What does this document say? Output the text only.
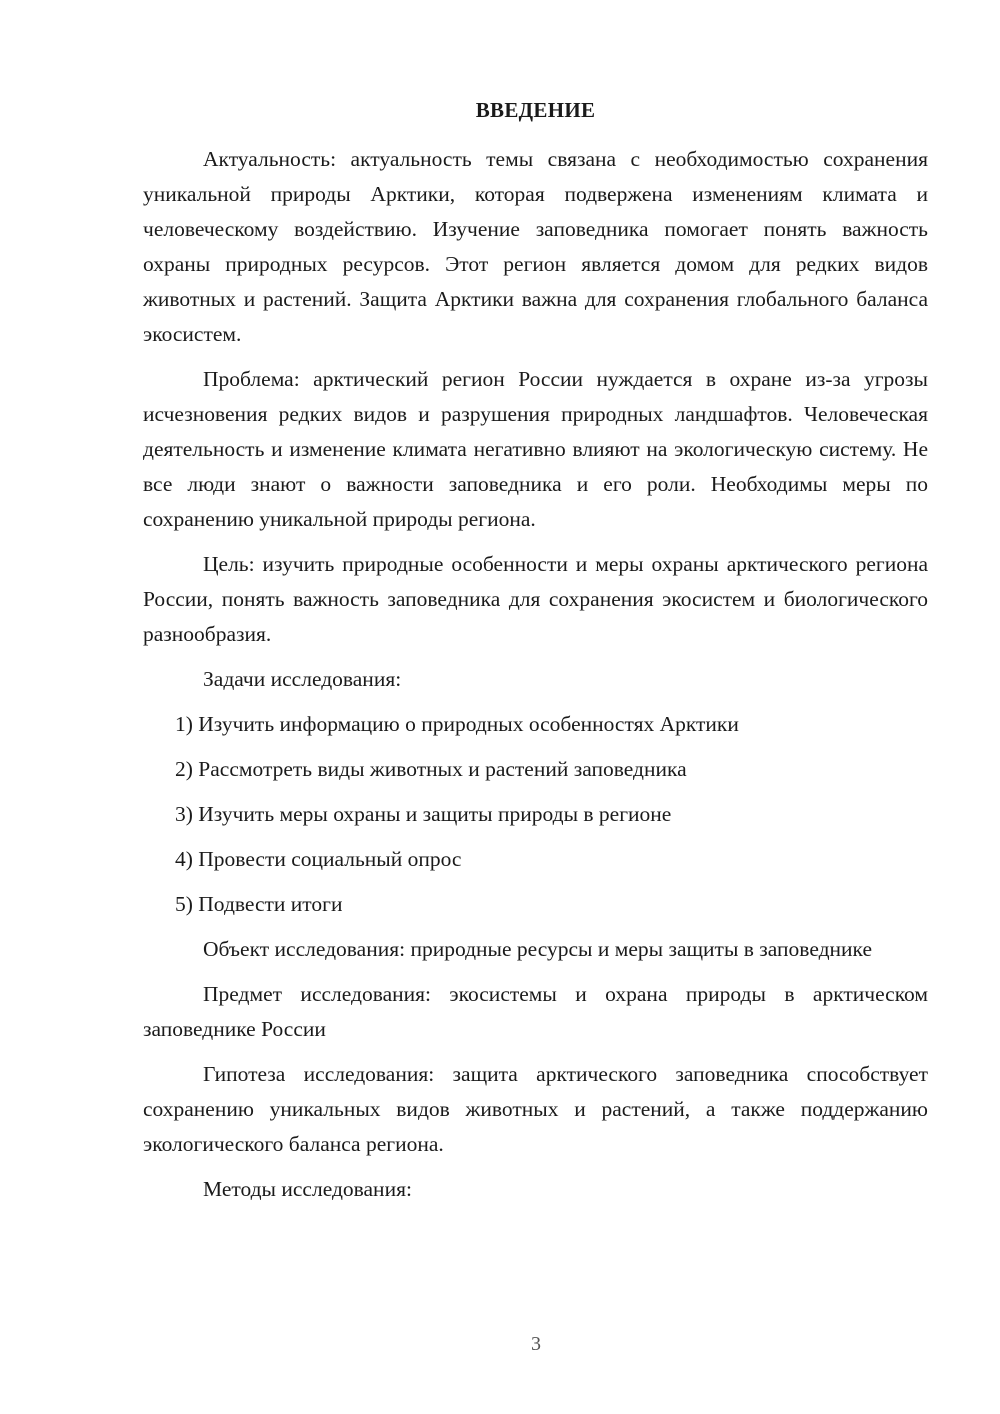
ВВЕДЕНИЕ

Актуальность: актуальность темы связана с необходимостью сохранения уникальной природы Арктики, которая подвержена изменениям климата и человеческому воздействию. Изучение заповедника помогает понять важность охраны природных ресурсов. Этот регион является домом для редких видов животных и растений. Защита Арктики важна для сохранения глобального баланса экосистем.

Проблема: арктический регион России нуждается в охране из-за угрозы исчезновения редких видов и разрушения природных ландшафтов. Человеческая деятельность и изменение климата негативно влияют на экологическую систему. Не все люди знают о важности заповедника и его роли. Необходимы меры по сохранению уникальной природы региона.

Цель: изучить природные особенности и меры охраны арктического региона России, понять важность заповедника для сохранения экосистем и биологического разнообразия.

Задачи исследования:

1) Изучить информацию о природных особенностях Арктики

2) Рассмотреть виды животных и растений заповедника

3) Изучить меры охраны и защиты природы в регионе

4) Провести социальный опрос

5) Подвести итоги

Объект исследования: природные ресурсы и меры защиты в заповеднике

Предмет исследования: экосистемы и охрана природы в арктическом заповеднике России

Гипотеза исследования: защита арктического заповедника способствует сохранению уникальных видов животных и растений, а также поддержанию экологического баланса региона.

Методы исследования:

3
